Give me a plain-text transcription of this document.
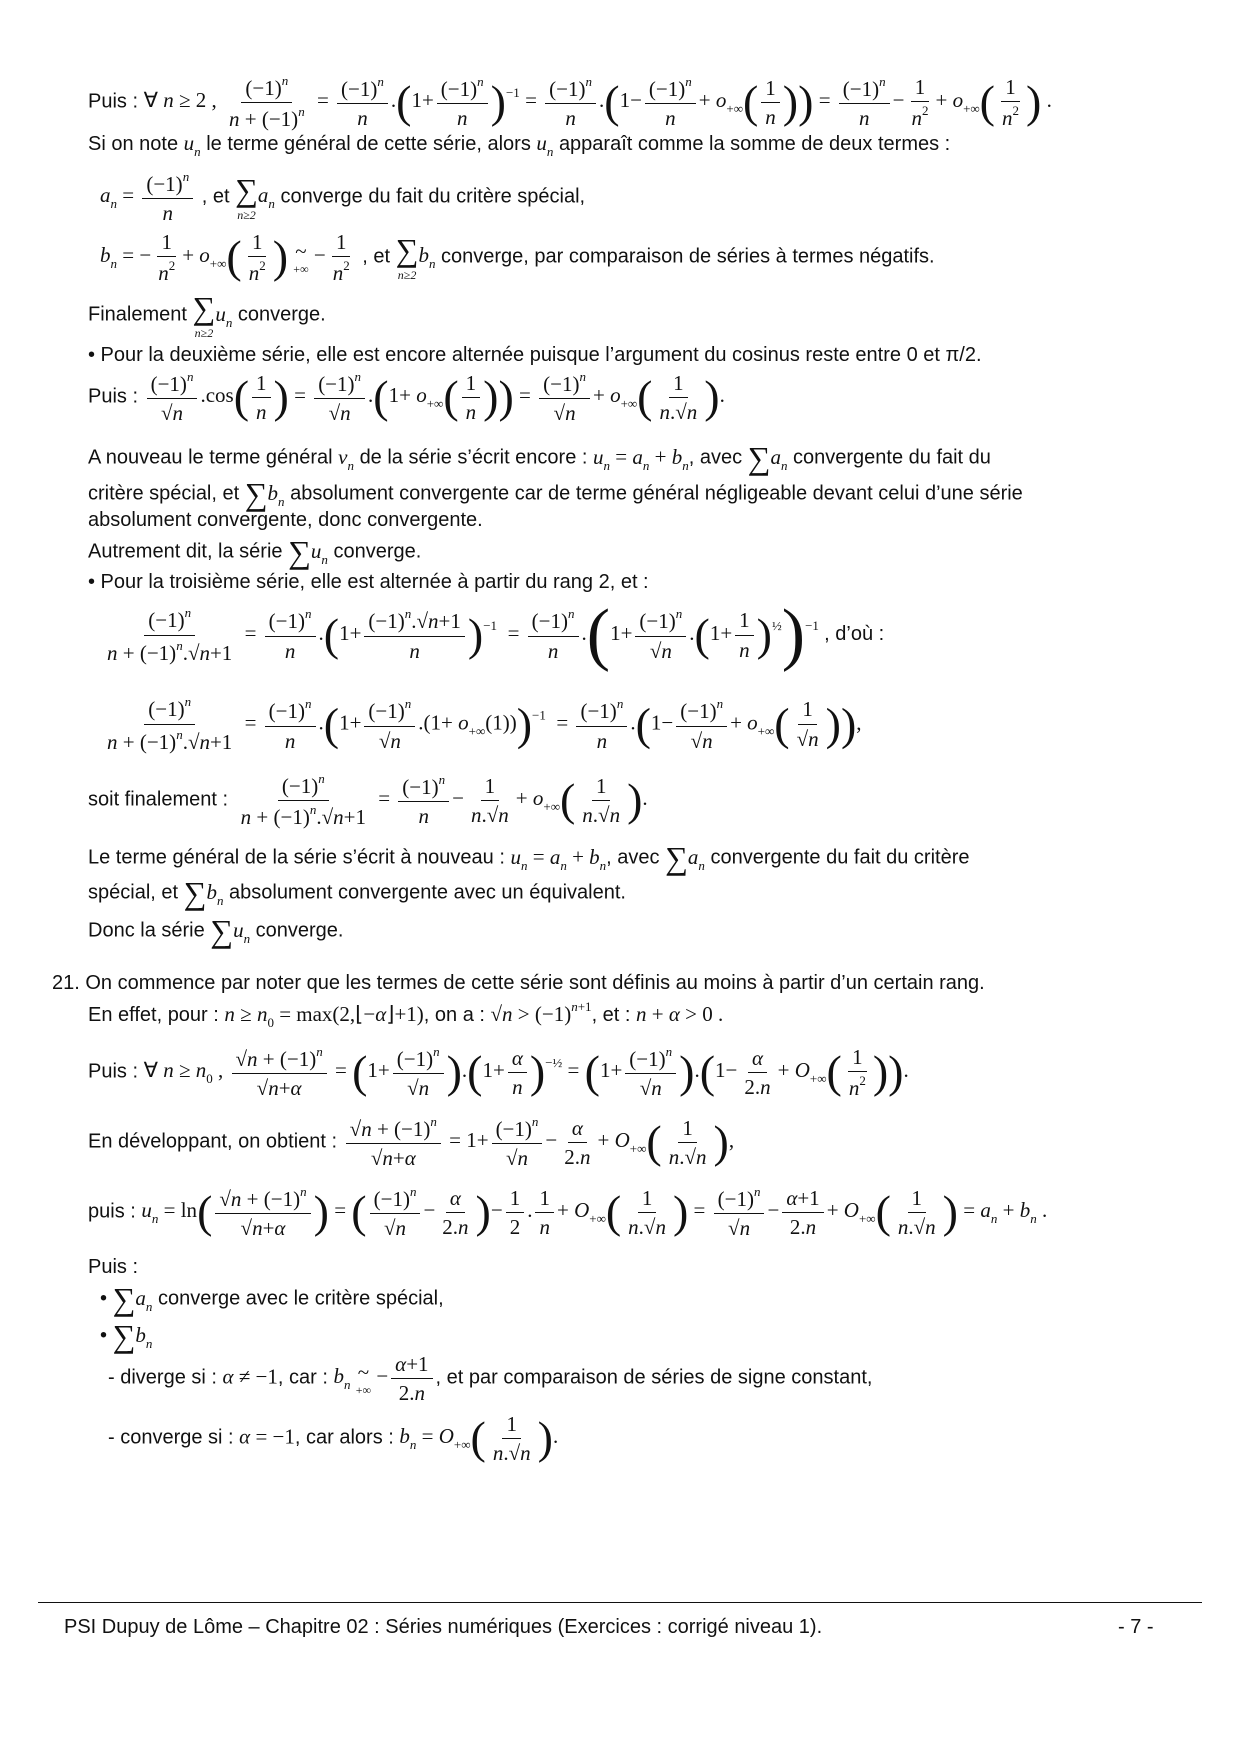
Puis : ∀ n ≥ 2 , $\frac{(-1)^n}{n + (-1)^n} = \frac{(-1)^n}{n} .(1+ \frac{(-1)^n}{n} )^{-1} = \frac{(-1)^n}{n} .(1- \frac{(-1)^n}{n} + o_{+\infty}( \frac{1}{n}$ )) = $\frac{(-1)^n}{n} - \frac{1}{n^2} + o_{+\infty}( \frac{1}{n^2}$ ) .
Si on note $u_n$ le terme général de cette série, alors $u_n$ apparaît comme la somme de deux termes :
$a_n = \frac{(-1)^n}{n}$ , et ∑
n≥2
$a_n$ converge du fait du critère spécial,
$b_n$ = − $\frac{1}{n^2} + o_{+\infty}( \frac{1}{n^2}$ ) ~
+∞
− $\frac{1}{n^2}$ , et ∑
n≥2
$b_n$ converge, par comparaison de séries à termes négatifs.
Finalement ∑
n≥2
$u_n$ converge.
• Pour la deuxième série, elle est encore alternée puisque l’argument du cosinus reste entre 0 et π/2.
Puis : $\frac{(-1)^n}{√n} .\cos( \frac{1}{n}$ ) = $\frac{(-1)^n}{√n} .(1+ o_{+\infty}( \frac{1}{n}$ )) = $\frac{(-1)^n}{√n} + o_{+\infty}( \frac{1}{n.√n}$ ).
A nouveau le terme général $v_n$ de la série s’écrit encore : $u_n = a_n + b_n$, avec $\sum a_n$ convergente du fait du
critère spécial, et $\sum b_n$ absolument convergente car de terme général négligeable devant celui d’une série
absolument convergente, donc convergente.
Autrement dit, la série $\sum u_n$ converge.
• Pour la troisième série, elle est alternée à partir du rang 2, et :
$\frac{(-1)^n}{n + (-1)^n.√n+1} = \frac{(-1)^n}{n} .(1+ \frac{(-1)^n.√n+1}{n} )^{-1} = \frac{(-1)^n}{n} .(1+ \frac{(-1)^n}{√n} .(1+ \frac{1}{n} )^{\frac{1}{2}})^{-1}$ , d’où :
$\frac{(-1)^n}{n + (-1)^n.√n+1} = \frac{(-1)^n}{n} .(1+ \frac{(-1)^n}{√n} .(1+ o_{+\infty}(1)))^{-1} = \frac{(-1)^n}{n} .(1- \frac{(-1)^n}{√n} + o_{+\infty}( \frac{1}{√n}$ )),
soit finalement : $\frac{(-1)^n}{n + (-1)^n.√n+1} = \frac{(-1)^n}{n} - \frac{1}{n.√n} + o_{+\infty}( \frac{1}{n.√n}$ ).
Le terme général de la série s’écrit à nouveau : $u_n = a_n + b_n$, avec $\sum a_n$ convergente du fait du critère
spécial, et $\sum b_n$ absolument convergente avec un équivalent.
Donc la série $\sum u_n$ converge.
21. On commence par noter que les termes de cette série sont définis au moins à partir d’un certain rang.
En effet, pour : $n \ge n_0$ = max(2,⌊−α⌋+1), on a : $√n > (-1)^{n+1}$, et : n + α > 0 .
Puis : ∀ $n \ge n_0$ , $\frac{√n + (-1)^n}{√n+\alpha} = (1+ \frac{(-1)^n}{√n} ).(1+ \frac{\alpha}{n} )^{-\frac{1}{2}} = (1+ \frac{(-1)^n}{√n} ).(1- \frac{\alpha}{2.n} + O_{+\infty}( \frac{1}{n^2}$ )).
En développant, on obtient : $\frac{√n + (-1)^n}{√n+\alpha} = 1+ \frac{(-1)^n}{√n} - \frac{\alpha}{2.n} + O_{+\infty}( \frac{1}{n.√n}$ ),
puis : $u_n = \ln( \frac{√n + (-1)^n}{√n+\alpha}$ ) = ( $\frac{(-1)^n}{√n} - \frac{\alpha}{2.n}$ )− $\frac{1}{2}$ . $\frac{1}{n} + O_{+\infty}( \frac{1}{n.√n}$ ) = $\frac{(-1)^n}{√n} - \frac{\alpha+1}{2.n} + O_{+\infty}( \frac{1}{n.√n}$ ) = $a_n + b_n$ .
Puis :
• $\sum a_n$ converge avec le critère spécial,
• $\sum b_n$
- diverge si : α ≠ −1, car : $b_n$
~
+∞
− $\frac{\alpha+1}{2.n}$ , et par comparaison de séries de signe constant,
- converge si : α = −1, car alors : $b_n = O_{+\infty}( \frac{1}{n.√n}$ ).
PSI Dupuy de Lôme – Chapitre 02 : Séries numériques (Exercices : corrigé niveau 1).	- 7 -
